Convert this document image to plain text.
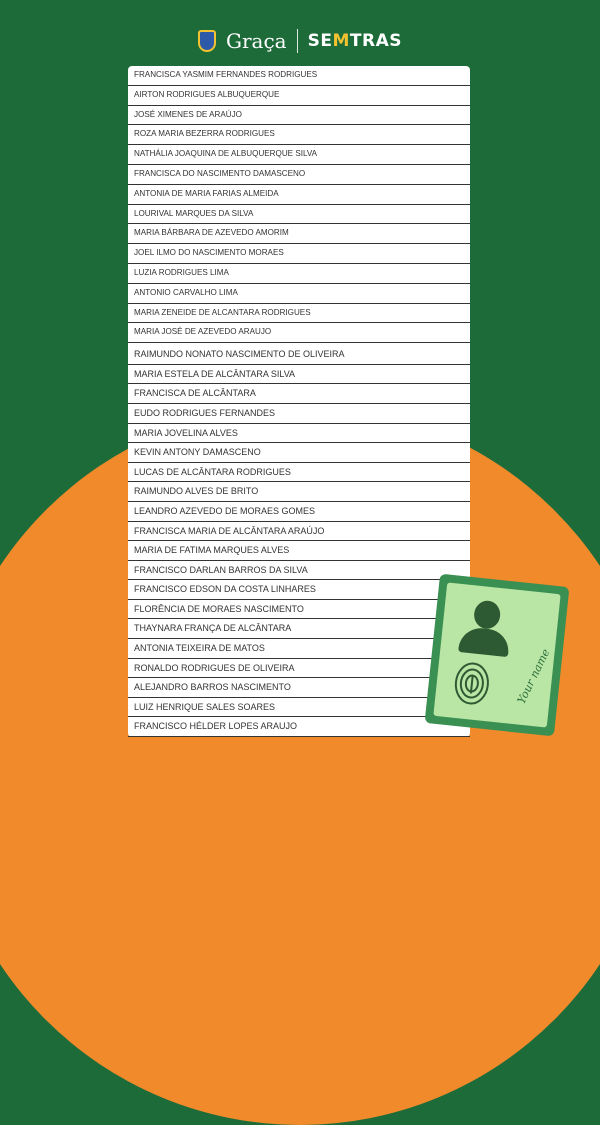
Graça SEMTRAS
FRANCISCA YASMIM FERNANDES RODRIGUES
AIRTON RODRIGUES ALBUQUERQUE
JOSÉ XIMENES DE ARAÚJO
ROZA MARIA BEZERRA RODRIGUES
NATHÁLIA JOAQUINA DE ALBUQUERQUE SILVA
FRANCISCA DO NASCIMENTO DAMASCENO
ANTONIA DE MARIA FARIAS ALMEIDA
LOURIVAL MARQUES DA SILVA
MARIA BÁRBARA DE AZEVEDO AMORIM
JOEL ILMO DO NASCIMENTO MORAES
LUZIA RODRIGUES LIMA
ANTONIO CARVALHO LIMA
MARIA ZENEIDE DE ALCANTARA RODRIGUES
MARIA JOSÉ DE AZEVEDO ARAUJO
RAIMUNDO NONATO NASCIMENTO DE OLIVEIRA
MARIA ESTELA DE ALCÂNTARA SILVA
FRANCISCA DE ALCÂNTARA
EUDO RODRIGUES FERNANDES
MARIA JOVELINA ALVES
KEVIN ANTONY DAMASCENO
LUCAS DE ALCÂNTARA RODRIGUES
RAIMUNDO ALVES DE BRITO
LEANDRO AZEVEDO DE MORAES GOMES
FRANCISCA MARIA DE ALCÂNTARA ARAÚJO
MARIA DE FATIMA MARQUES ALVES
FRANCISCO DARLAN BARROS DA SILVA
FRANCISCO EDSON DA COSTA LINHARES
FLORÊNCIA DE MORAES NASCIMENTO
THAYNARA FRANÇA DE ALCÂNTARA
ANTONIA TEIXEIRA DE MATOS
RONALDO RODRIGUES DE OLIVEIRA
ALEJANDRO BARROS NASCIMENTO
LUIZ HENRIQUE SALES SOARES
FRANCISCO HÉLDER LOPES ARAUJO
Your name
